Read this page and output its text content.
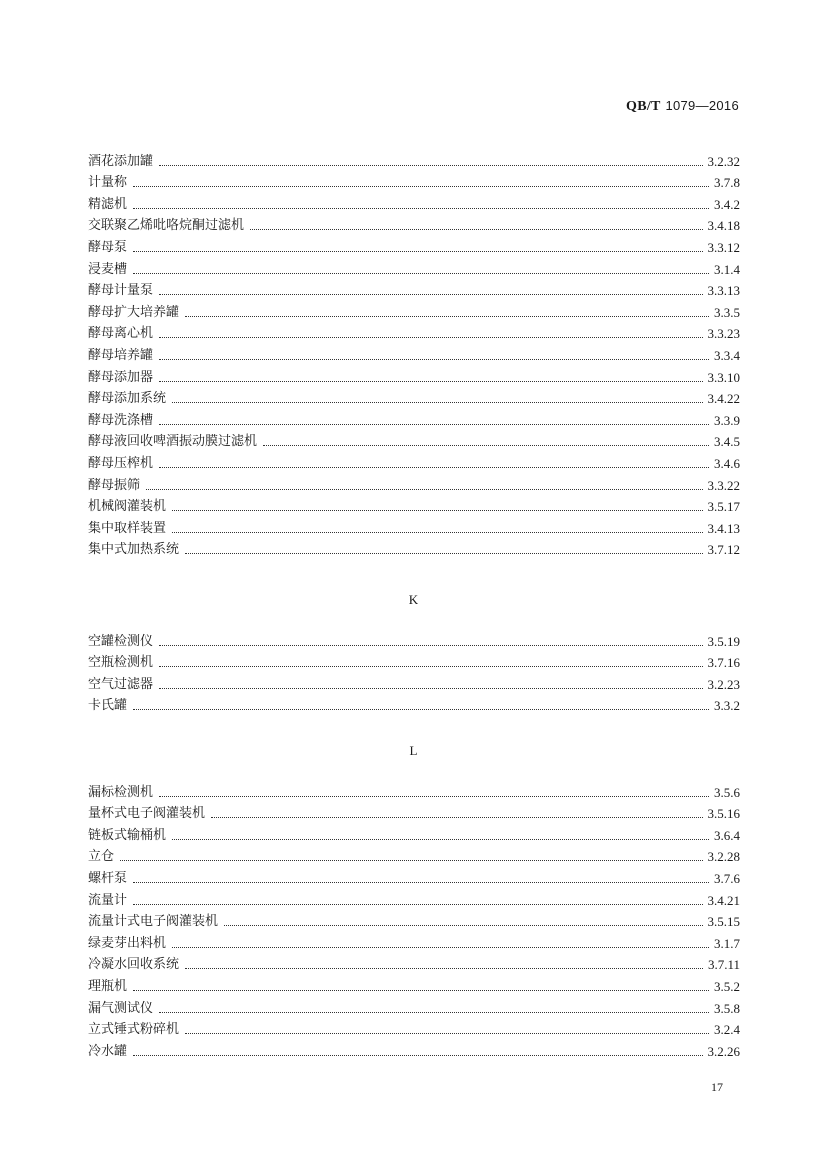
QB/T 1079—2016
酒花添加罐	3.2.32
计量称	3.7.8
精滤机	3.4.2
交联聚乙烯吡咯烷酮过滤机	3.4.18
酵母泵	3.3.12
浸麦槽	3.1.4
酵母计量泵	3.3.13
酵母扩大培养罐	3.3.5
酵母离心机	3.3.23
酵母培养罐	3.3.4
酵母添加器	3.3.10
酵母添加系统	3.4.22
酵母洗涤槽	3.3.9
酵母液回收啤酒振动膜过滤机	3.4.5
酵母压榨机	3.4.6
酵母振筛	3.3.22
机械阀灌装机	3.5.17
集中取样装置	3.4.13
集中式加热系统	3.7.12
K
空罐检测仪	3.5.19
空瓶检测机	3.7.16
空气过滤器	3.2.23
卡氏罐	3.3.2
L
漏标检测机	3.5.6
量杯式电子阀灌装机	3.5.16
链板式输桶机	3.6.4
立仓	3.2.28
螺杆泵	3.7.6
流量计	3.4.21
流量计式电子阀灌装机	3.5.15
绿麦芽出料机	3.1.7
冷凝水回收系统	3.7.11
理瓶机	3.5.2
漏气测试仪	3.5.8
立式锤式粉碎机	3.2.4
冷水罐	3.2.26
17
